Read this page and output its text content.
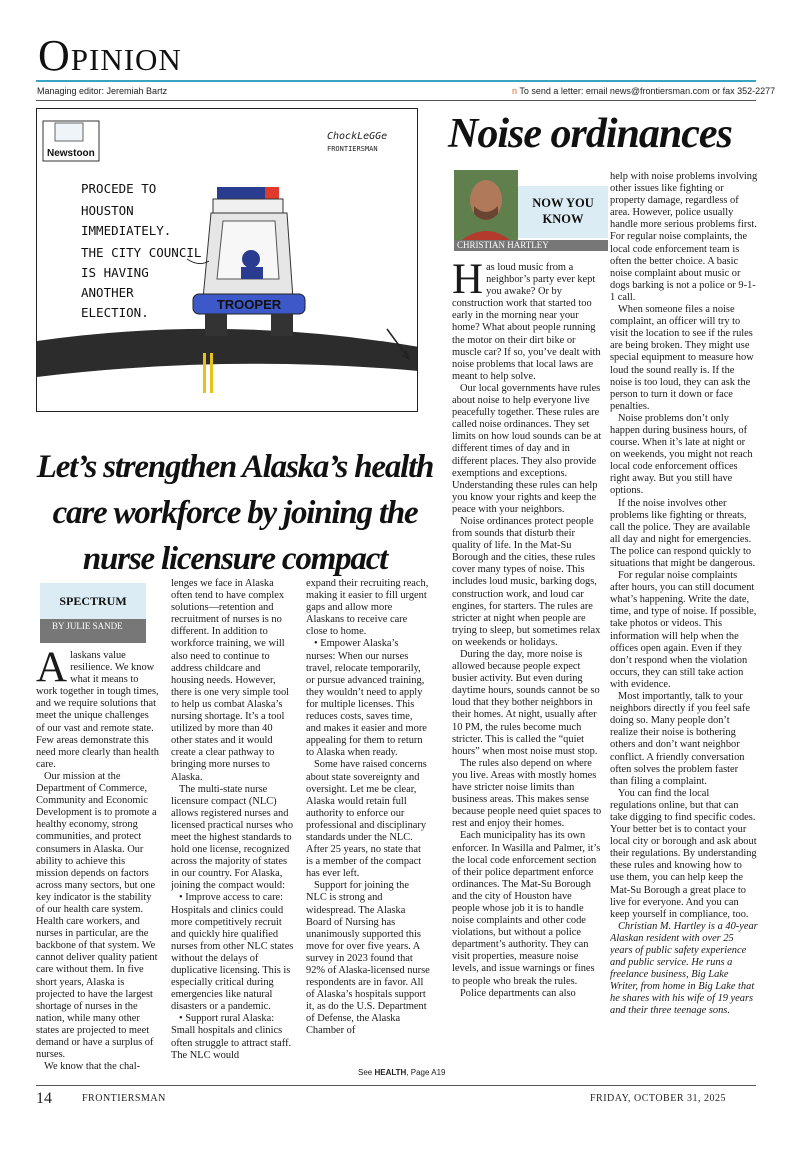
Opinion
Managing editor: Jeremiah Bartz	n To send a letter: email news@frontiersman.com or fax 352-2277
TROOPER
PROCEDE TO
HOUSTON
IMMEDIATELY.
THE CITY COUNCIL
IS HAVING
ANOTHER
ELECTION.
ChockLeGGe
FRONTIERSMAN
Newstoon
Let’s strengthen Alaska’s health
care workforce by joining the
nurse licensure compact
SPECTRUM
BY JULIE SANDE

Alaskans value resilience. We know what it means to work together in tough times, and we require solutions that meet the unique challenges of our vast and remote state. Few areas demonstrate this need more clearly than health care.

Our mission at the Department of Commerce, Community and Economic Development is to promote a healthy economy, strong communities, and protect consumers in Alaska. Our ability to achieve this mission depends on factors across many sectors, but one key indicator is the stability of our health care system. Health care workers, and nurses in particular, are the backbone of that system. We cannot deliver quality patient care without them. In five short years, Alaska is projected to have the largest shortage of nurses in the nation, while many other states are projected to meet demand or have a surplus of nurses.

We know that the chal-

lenges we face in Alaska often tend to have complex solutions—retention and recruitment of nurses is no different. In addition to workforce training, we will also need to continue to address childcare and housing needs. However, there is one very simple tool to help us combat Alaska’s nursing shortage. It’s a tool utilized by more than 40 other states and it would create a clear pathway to bringing more nurses to Alaska.

The multi-state nurse licensure compact (NLC) allows registered nurses and licensed practical nurses who meet the highest standards to hold one license, recognized across the majority of states in our country. For Alaska, joining the compact would:

• Improve access to care: Hospitals and clinics could more competitively recruit and quickly hire qualified nurses from other NLC states without the delays of duplicative licensing. This is especially critical during emergencies like natural disasters or a pandemic.

• Support rural Alaska: Small hospitals and clinics often struggle to attract staff. The NLC would

expand their recruiting reach, making it easier to fill urgent gaps and allow more Alaskans to receive care close to home.

• Empower Alaska’s nurses: When our nurses travel, relocate temporarily, or pursue advanced training, they wouldn’t need to apply for multiple licenses. This reduces costs, saves time, and makes it easier and more appealing for them to return to Alaska when ready.

Some have raised concerns about state sovereignty and oversight. Let me be clear, Alaska would retain full authority to enforce our professional and disciplinary standards under the NLC. After 25 years, no state that is a member of the compact has ever left.

Support for joining the NLC is strong and widespread. The Alaska Board of Nursing has unanimously supported this move for over five years. A survey in 2023 found that 92% of Alaska-licensed nurse respondents are in favor. All of Alaska’s hospitals support it, as do the U.S. Department of Defense, the Alaska Chamber of

See HEALTH, Page A19
Noise ordinances
NOW YOU
KNOW
CHRISTIAN HARTLEY

Has loud music from a neighbor’s party ever kept you awake? Or by construction work that started too early in the morning near your home? What about people running the motor on their dirt bike or muscle car? If so, you’ve dealt with noise problems that local laws are meant to help solve.

Our local governments have rules about noise to help everyone live peacefully together. These rules are called noise ordinances. They set limits on how loud sounds can be at different times of day and in different places. They also provide exemptions and exceptions. Understanding these rules can help you know your rights and keep the peace with your neighbors.

Noise ordinances protect people from sounds that disturb their quality of life. In the Mat-Su Borough and the cities, these rules cover many types of noise. This includes loud music, barking dogs, construction work, and loud car engines, for starters. The rules are stricter at night when people are trying to sleep, but sometimes relax on weekends or holidays.

During the day, more noise is allowed because people expect busier activity. But even during daytime hours, sounds cannot be so loud that they bother neighbors in their homes. At night, usually after 10 PM, the rules become much stricter. This is called the “quiet hours” when most noise must stop.

The rules also depend on where you live. Areas with mostly homes have stricter noise limits than business areas. This makes sense because people need quiet spaces to rest and enjoy their homes.

Each municipality has its own enforcer. In Wasilla and Palmer, it’s the local code enforcement section of their police department enforce ordinances. The Mat-Su Borough and the city of Houston have people whose job it is to handle noise complaints and other code violations, but without a police department’s authority. They can visit properties, measure noise levels, and issue warnings or fines to people who break the rules.

Police departments can also

help with noise problems involving other issues like fighting or property damage, regardless of area. However, police usually handle more serious problems first. For regular noise complaints, the local code enforcement team is often the better choice. A basic noise complaint about music or dogs barking is not a police or 9-1-1 call.

When someone files a noise complaint, an officer will try to visit the location to see if the rules are being broken. They might use special equipment to measure how loud the sound really is. If the noise is too loud, they can ask the person to turn it down or face penalties.

Noise problems don’t only happen during business hours, of course. When it’s late at night or on weekends, you might not reach local code enforcement offices right away. But you still have options.

If the noise involves other problems like fighting or threats, call the police. They are available all day and night for emergencies. The police can respond quickly to situations that might be dangerous.

For regular noise complaints after hours, you can still document what’s happening. Write the date, time, and type of noise. If possible, take photos or videos. This information will help when the offices open again. Even if they don’t respond when the violation occurs, they can still take action with evidence.

Most importantly, talk to your neighbors directly if you feel safe doing so. Many people don’t realize their noise is bothering others and don’t want neighbor conflict. A friendly conversation often solves the problem faster than filing a complaint.

You can find the local regulations online, but that can take digging to find specific codes. Your better bet is to contact your local city or borough and ask about their regulations. By understanding these rules and knowing how to use them, you can help keep the Mat-Su Borough a great place to live for everyone. And you can keep yourself in compliance, too.

Christian M. Hartley is a 40-year Alaskan resident with over 25 years of public safety experience and public service. He runs a freelance business, Big Lake Writer, from home in Big Lake that he shares with his wife of 19 years and their three teenage sons.

14	FRONTIERSMAN	FRIDAY, OCTOBER 31, 2025
